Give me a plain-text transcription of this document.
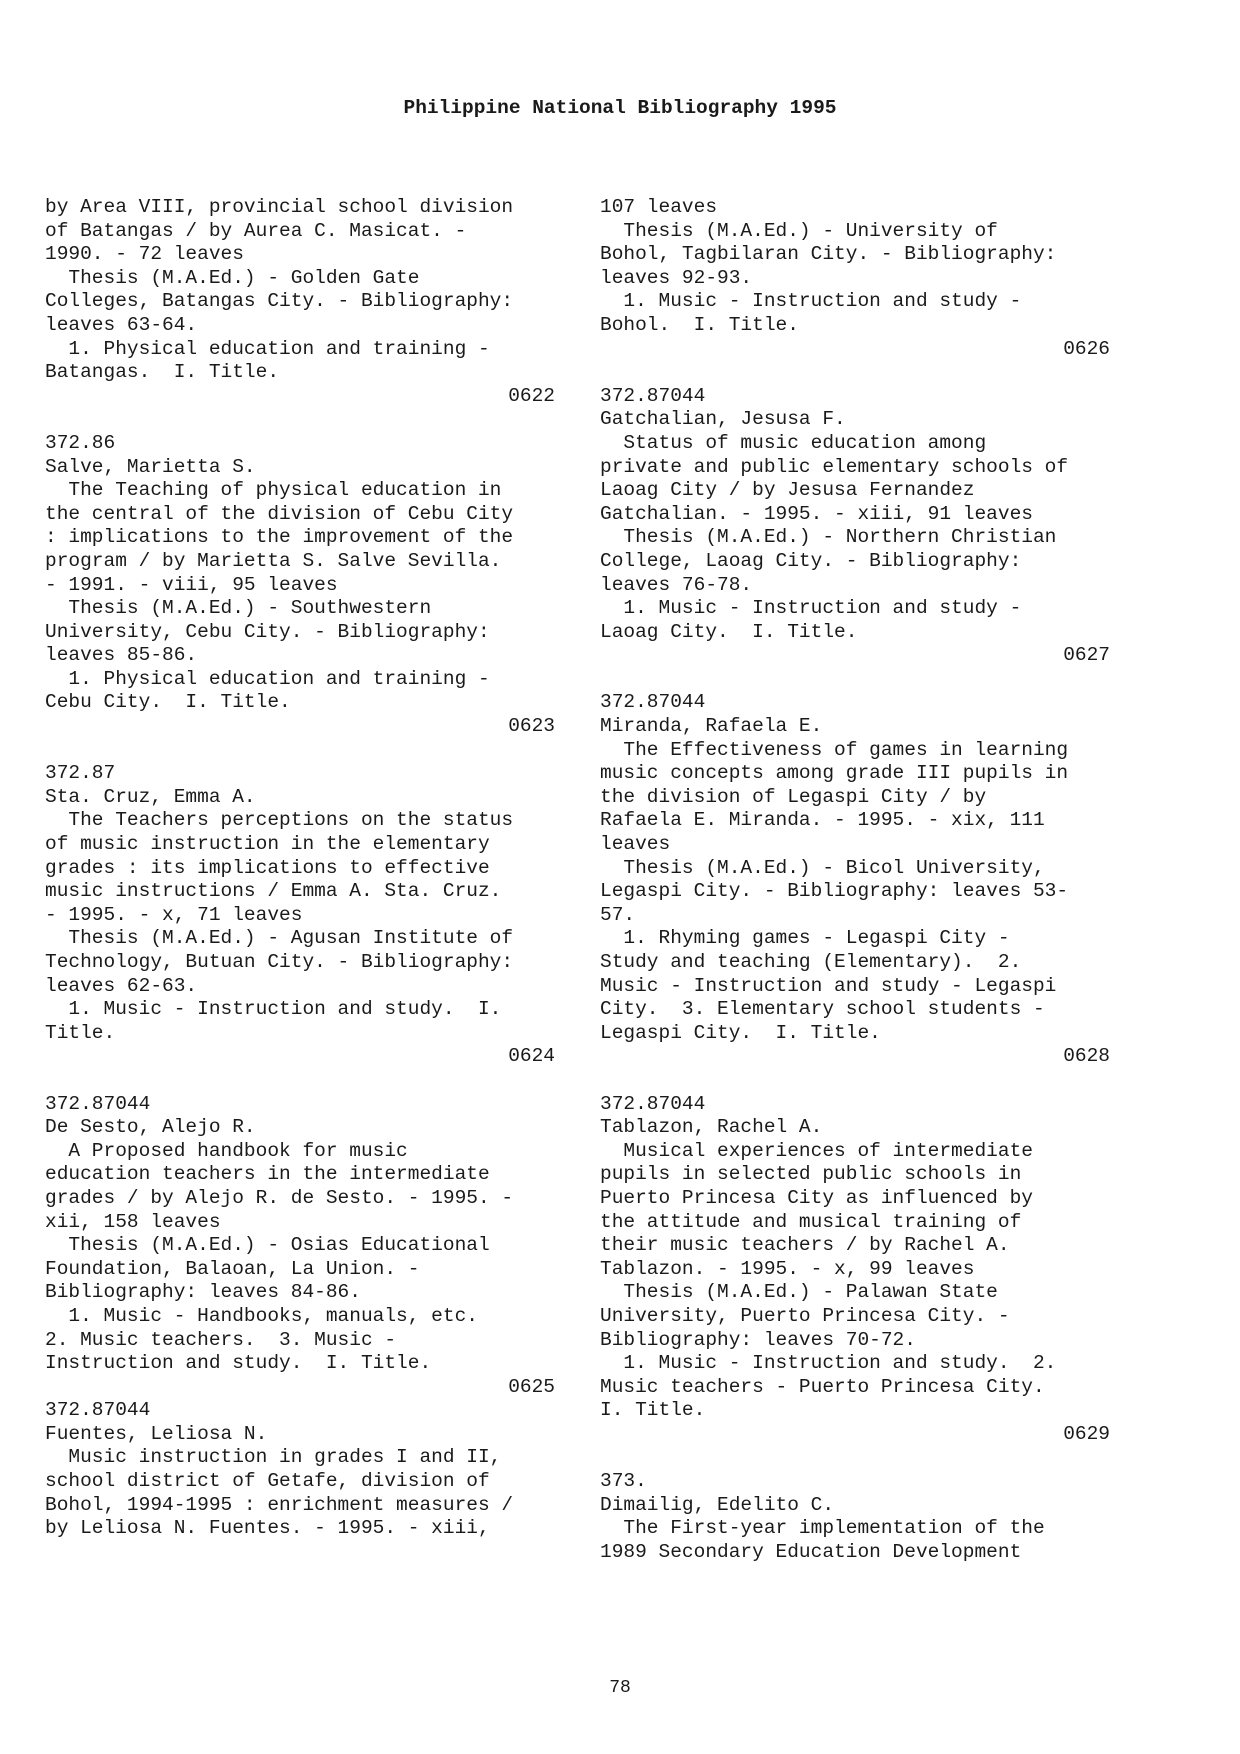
Philippine National Bibliography 1995
by Area VIII, provincial school division
of Batangas / by Aurea C. Masicat. -
1990. - 72 leaves
Thesis (M.A.Ed.) - Golden Gate
Colleges, Batangas City. - Bibliography:
leaves 63-64.
1. Physical education and training -
Batangas.  I. Title.
0622
372.86
Salve, Marietta S.
The Teaching of physical education in
the central of the division of Cebu City
: implications to the improvement of the
program / by Marietta S. Salve Sevilla.
- 1991. - viii, 95 leaves
Thesis (M.A.Ed.) - Southwestern
University, Cebu City. - Bibliography:
leaves 85-86.
1. Physical education and training -
Cebu City.  I. Title.
0623
372.87
Sta. Cruz, Emma A.
The Teachers perceptions on the status
of music instruction in the elementary
grades : its implications to effective
music instructions / Emma A. Sta. Cruz.
- 1995. - x, 71 leaves
Thesis (M.A.Ed.) - Agusan Institute of
Technology, Butuan City. - Bibliography:
leaves 62-63.
1. Music - Instruction and study.  I.
Title.
0624
372.87044
De Sesto, Alejo R.
A Proposed handbook for music
education teachers in the intermediate
grades / by Alejo R. de Sesto. - 1995. -
xii, 158 leaves
Thesis (M.A.Ed.) - Osias Educational
Foundation, Balaoan, La Union. -
Bibliography: leaves 84-86.
1. Music - Handbooks, manuals, etc.
2. Music teachers.  3. Music -
Instruction and study.  I. Title.
0625
372.87044
Fuentes, Leliosa N.
Music instruction in grades I and II,
school district of Getafe, division of
Bohol, 1994-1995 : enrichment measures /
by Leliosa N. Fuentes. - 1995. - xiii,
107 leaves
Thesis (M.A.Ed.) - University of
Bohol, Tagbilaran City. - Bibliography:
leaves 92-93.
1. Music - Instruction and study -
Bohol.  I. Title.
0626
372.87044
Gatchalian, Jesusa F.
Status of music education among
private and public elementary schools of
Laoag City / by Jesusa Fernandez
Gatchalian. - 1995. - xiii, 91 leaves
Thesis (M.A.Ed.) - Northern Christian
College, Laoag City. - Bibliography:
leaves 76-78.
1. Music - Instruction and study -
Laoag City.  I. Title.
0627
372.87044
Miranda, Rafaela E.
The Effectiveness of games in learning
music concepts among grade III pupils in
the division of Legaspi City / by
Rafaela E. Miranda. - 1995. - xix, 111
leaves
Thesis (M.A.Ed.) - Bicol University,
Legaspi City. - Bibliography: leaves 53-
57.
1. Rhyming games - Legaspi City -
Study and teaching (Elementary).  2.
Music - Instruction and study - Legaspi
City.  3. Elementary school students -
Legaspi City.  I. Title.
0628
372.87044
Tablazon, Rachel A.
Musical experiences of intermediate
pupils in selected public schools in
Puerto Princesa City as influenced by
the attitude and musical training of
their music teachers / by Rachel A.
Tablazon. - 1995. - x, 99 leaves
Thesis (M.A.Ed.) - Palawan State
University, Puerto Princesa City. -
Bibliography: leaves 70-72.
1. Music - Instruction and study.  2.
Music teachers - Puerto Princesa City.
I. Title.
0629
373.
Dimailig, Edelito C.
The First-year implementation of the
1989 Secondary Education Development
78
